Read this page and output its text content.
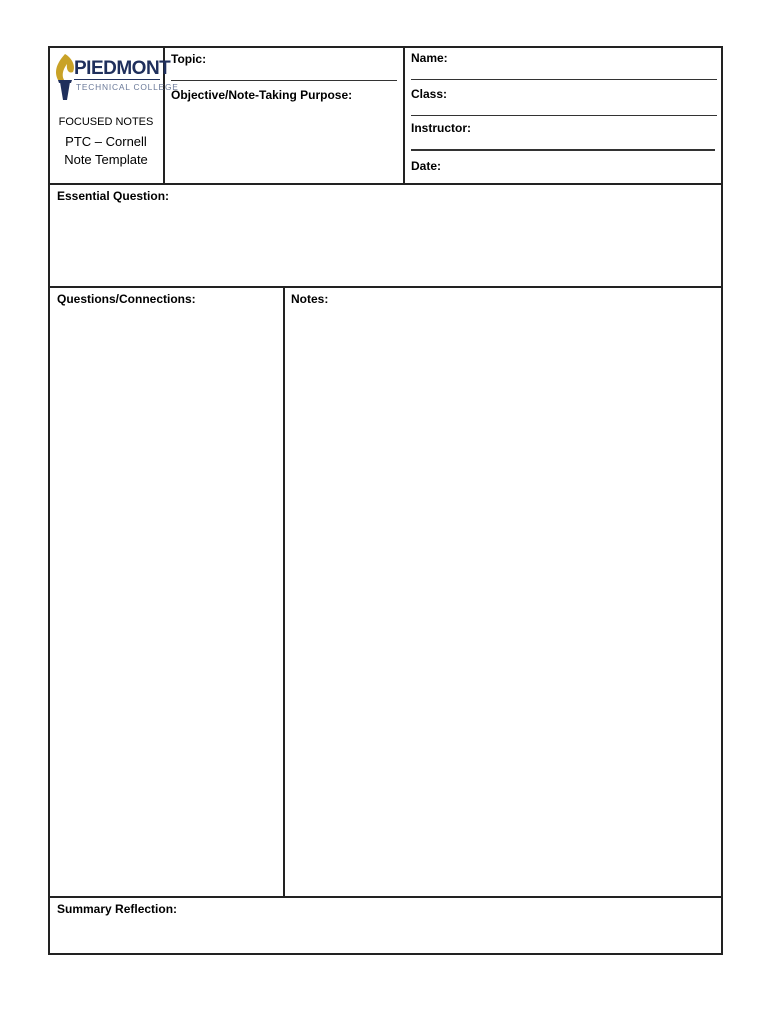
PIEDMONT
TECHNICAL COLLEGE
FOCUSED NOTES
PTC – Cornell
Note Template
Topic:
Objective/Note-Taking Purpose:
Name:
Class:
Instructor:
Date:
Essential Question:
Questions/Connections:	Notes:
Summary Reflection:
